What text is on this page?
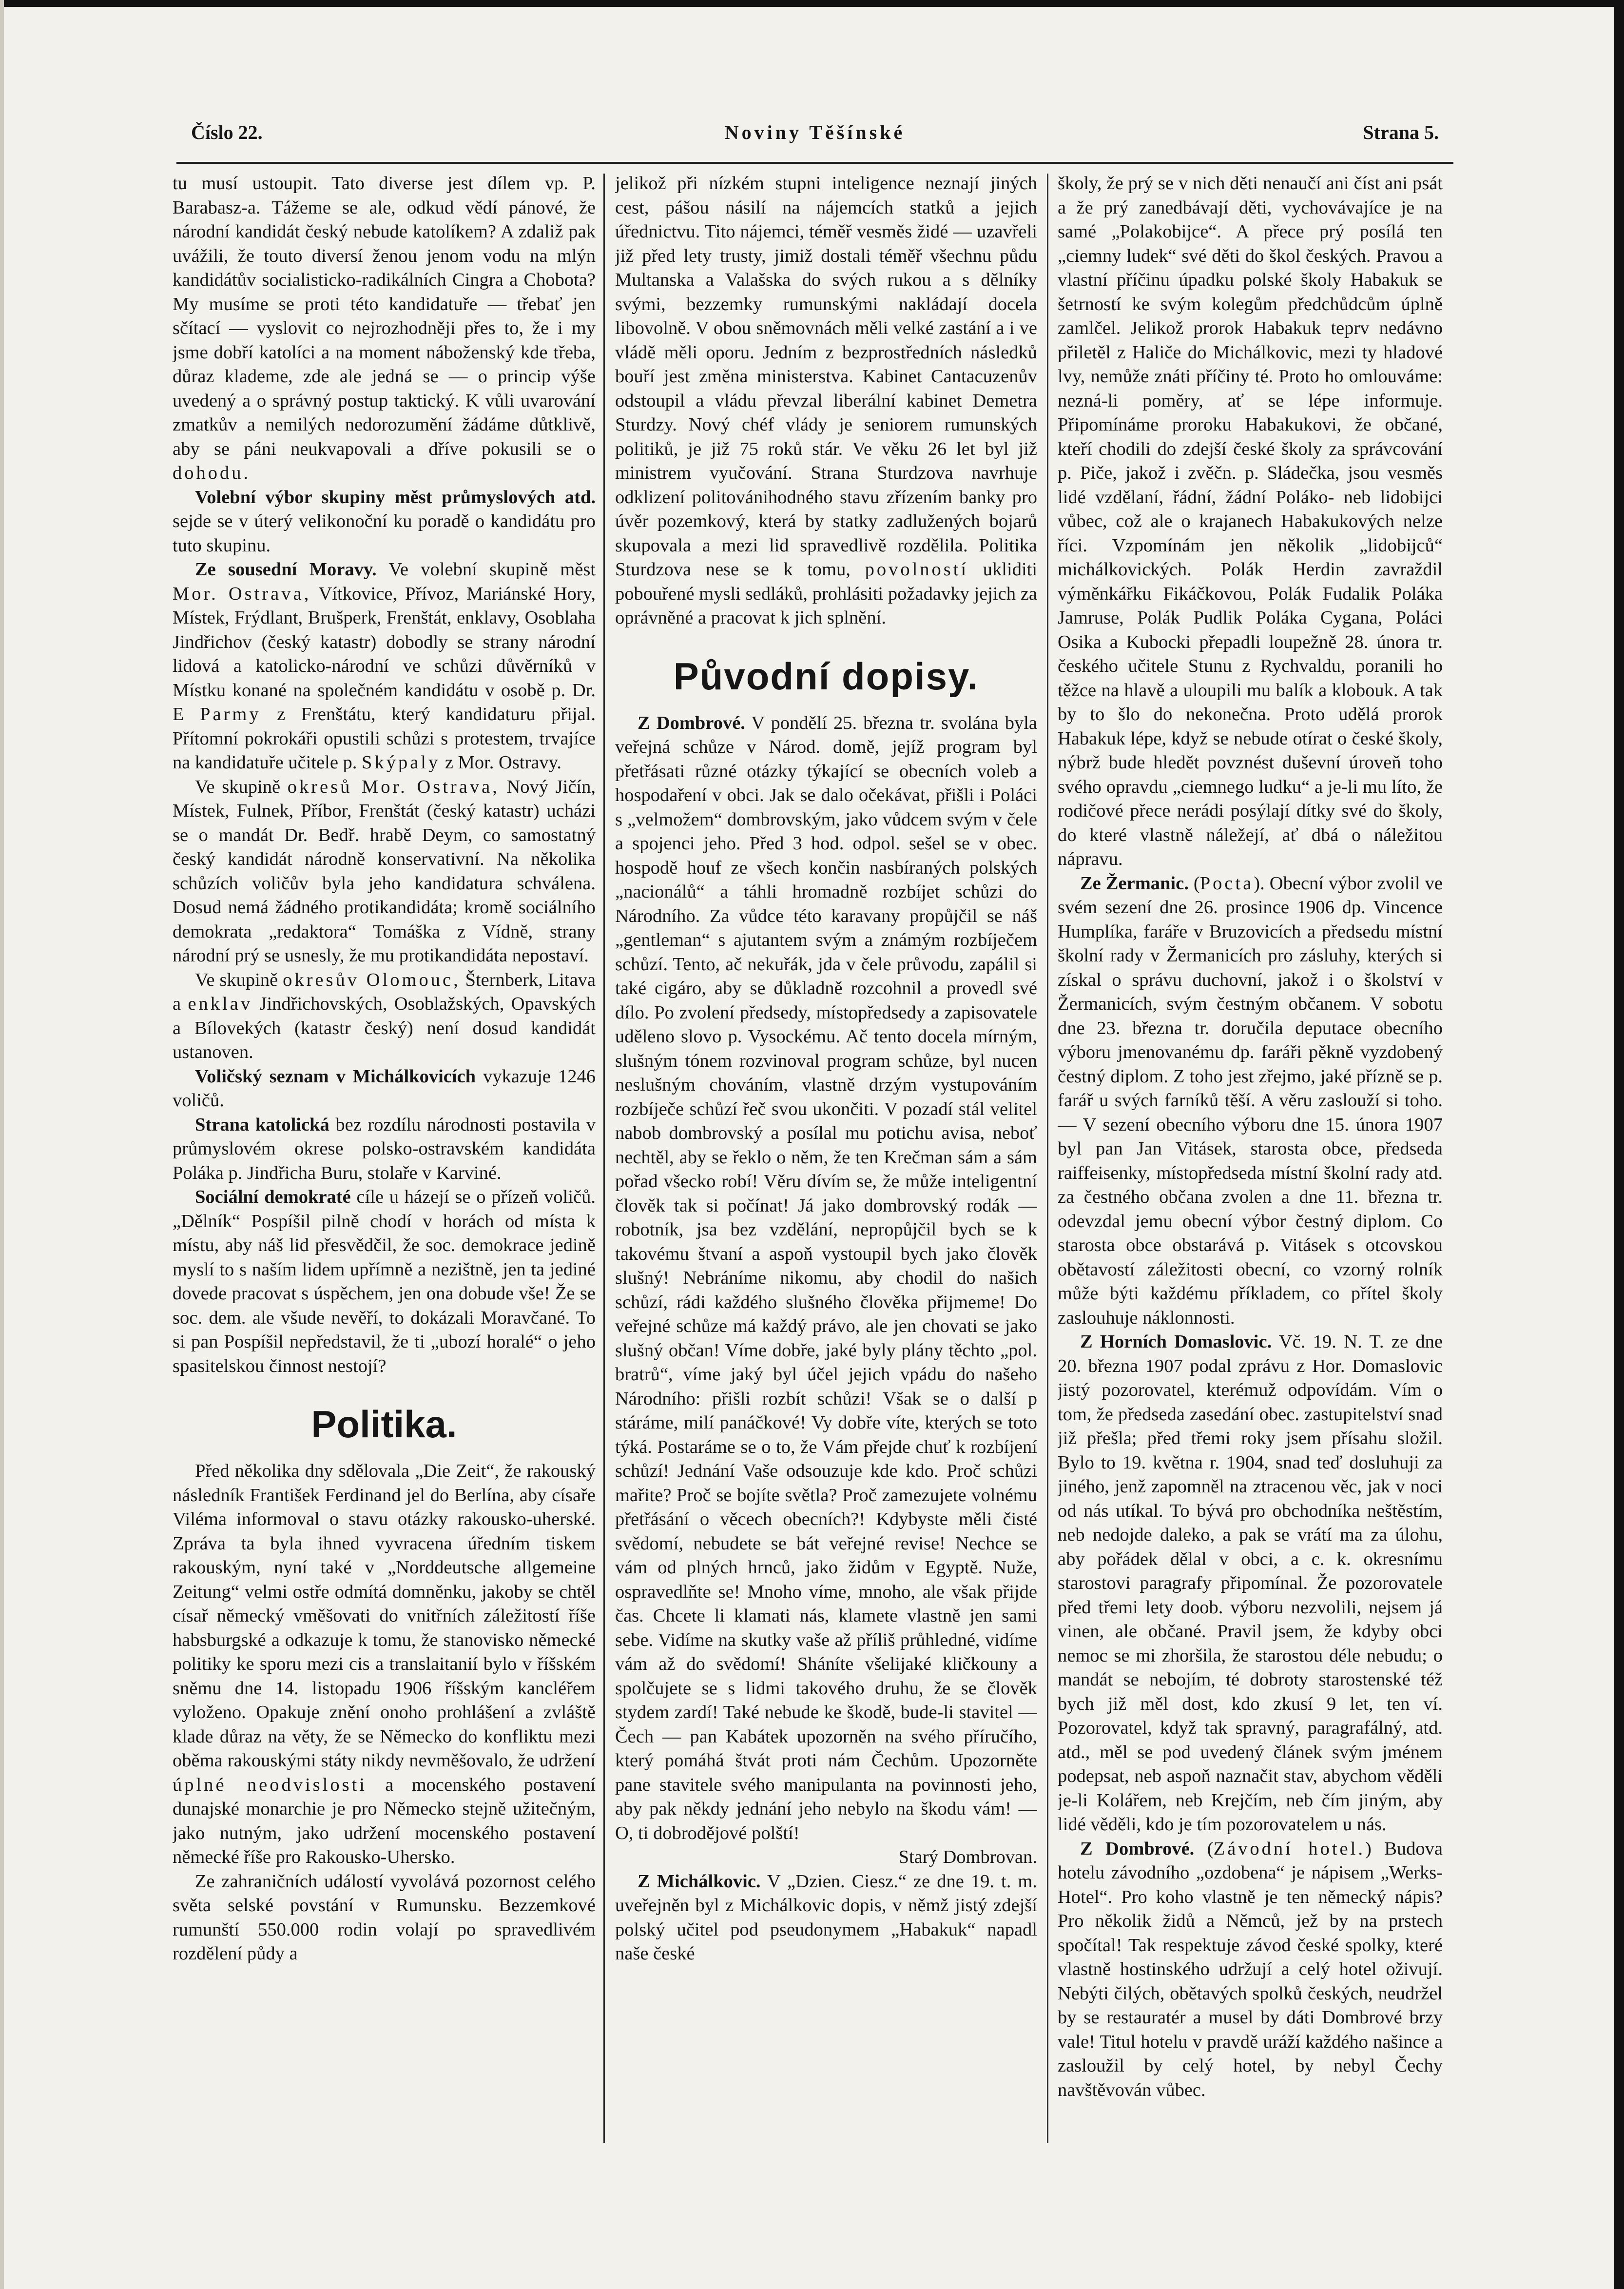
Noviny Těšínské
Číslo 22.	Strana 5.

tu musí ustoupit. Tato diverse jest dílem vp. P. Barabasz-a. Tážeme se ale, odkud vědí pánové, že národní kandidát český nebude katolíkem? A zdaliž pak uvážili, že touto diversí ženou jenom vodu na mlýn kandidátův socialisticko-radikálních Cingra a Chobota? My musíme se proti této kandidatuře — třebať jen sčítací — vyslovit co nejrozhodněji přes to, že i my jsme dobří katolíci a na moment náboženský kde třeba, důraz klademe, zde ale jedná se — o princip výše uvedený a o správný postup taktický. K vůli uvarování zmatkův a nemilých nedorozumění žádáme důtklivě, aby se páni neukvapovali a dříve pokusili se o dohodu.

Volební výbor skupiny měst průmyslových atd. sejde se v úterý velikonoční ku poradě o kandidátu pro tuto skupinu.

Ze sousední Moravy. Ve volební skupině měst Mor. Ostrava, Vítkovice, Přívoz, Mariánské Hory, Místek, Frýdlant, Brušperk, Frenštát, enklavy, Osoblaha Jindřichov (český katastr) dobodly se strany národní lidová a katolicko-národní ve schůzi důvěrníků v Místku konané na společném kandidátu v osobě p. Dr. E Parmy z Frenštátu, který kandidaturu přijal. Přítomní pokrokáři opustili schůzi s protestem, trvajíce na kandidatuře učitele p. Skýpaly z Mor. Ostravy.

Ve skupině okresů Mor. Ostrava, Nový Jičín, Místek, Fulnek, Příbor, Frenštát (český katastr) ucházi se o mandát Dr. Bedř. hrabě Deym, co samostatný český kandidát národně konservativní. Na několika schůzích voličův byla jeho kandidatura schválena. Dosud nemá žádného protikandidáta; kromě sociálního demokrata „redaktora“ Tomáška z Vídně, strany národní prý se usnesly, že mu protikandidáta nepostaví.

Ve skupině okresův Olomouc, Šternberk, Litava a enklav Jindřichovských, Osoblažských, Opavských a Bílovekých (katastr český) není dosud kandidát ustanoven.

Voličský seznam v Michálkovicích vykazuje 1246 voličů.

Strana katolická bez rozdílu národnosti postavila v průmyslovém okrese polsko-ostravském kandidáta Poláka p. Jindřicha Buru, stolaře v Karviné.

Sociální demokraté cíle u házejí se o přízeň voličů. „Dělník“ Pospíšil pilně chodí v horách od místa k místu, aby náš lid přesvědčil, že soc. demokrace jedině myslí to s naším lidem upřímně a nezištně, jen ta jediné dovede pracovat s úspěchem, jen ona dobude vše! Že se soc. dem. ale všude nevěří, to dokázali Moravčané. To si pan Pospíšil nepředstavil, že ti „ubozí horalé“ o jeho spasitelskou činnost nestojí?

Politika.

Před několika dny sdělovala „Die Zeit“, že rakouský následník František Ferdinand jel do Berlína, aby císaře Viléma informoval o stavu otázky rakousko-uherské. Zpráva ta byla ihned vyvracena úředním tiskem rakouským, nyní také v „Norddeutsche allgemeine Zeitung“ velmi ostře odmítá domněnku, jakoby se chtěl císař německý vměšovati do vnitřních záležitostí říše habsburgské a odkazuje k tomu, že stanovisko německé politiky ke sporu mezi cis a translaitanií bylo v říšském sněmu dne 14. listopadu 1906 říšským kancléřem vyloženo. Opakuje znění onoho prohlášení a zvláště klade důraz na věty, že se Německo do konfliktu mezi oběma rakouskými státy nikdy nevměšovalo, že udržení úplné neodvislosti a mocenského postavení dunajské monarchie je pro Německo stejně užitečným, jako nutným, jako udržení mocenského postavení německé říše pro Rakousko-Uhersko.

Ze zahraničních událostí vyvolává pozornost celého světa selské povstání v Rumunsku. Bezzemkové rumunští 550.000 rodin volají po spravedlivém rozdělení půdy a

jelikož při nízkém stupni inteligence neznají jiných cest, pášou násilí na nájemcích statků a jejich úřednictvu. Tito nájemci, téměř vesměs židé — uzavřeli již před lety trusty, jimiž dostali téměř všechnu půdu Multanska a Valašska do svých rukou a s dělníky svými, bezzemky rumunskými nakládají docela libovolně. V obou sněmovnách měli velké zastání a i ve vládě měli oporu. Jedním z bezprostředních následků bouří jest změna ministerstva. Kabinet Cantacuzenův odstoupil a vládu převzal liberální kabinet Demetra Sturdzy. Nový chéf vlády je seniorem rumunských politiků, je již 75 roků stár. Ve věku 26 let byl již ministrem vyučování. Strana Sturdzova navrhuje odklizení politovánihodného stavu zřízením banky pro úvěr pozemkový, která by statky zadlužených bojarů skupovala a mezi lid spravedlivě rozdělila. Politika Sturdzova nese se k tomu, povolností ukliditi pobouřené mysli sedláků, prohlásiti požadavky jejich za oprávněné a pracovat k jich splnění.

Původní dopisy.

Z Dombrové. V pondělí 25. března tr. svolána byla veřejná schůze v Národ. domě, jejíž program byl přetřásati různé otázky týkající se obecních voleb a hospodaření v obci. Jak se dalo očekávat, přišli i Poláci s „velmožem“ dombrovským, jako vůdcem svým v čele a spojenci jeho. Před 3 hod. odpol. sešel se v obec. hospodě houf ze všech končin nasbíraných polských „nacionálů“ a táhli hromadně rozbíjet schůzi do Národního. Za vůdce této karavany propůjčil se náš „gentleman“ s ajutantem svým a známým rozbíječem schůzí. Tento, ač nekuřák, jda v čele průvodu, zapálil si také cigáro, aby se důkladně rozcohnil a provedl své dílo. Po zvolení předsedy, místopředsedy a zapisovatele uděleno slovo p. Vysockému. Ač tento docela mírným, slušným tónem rozvinoval program schůze, byl nucen neslušným chováním, vlastně drzým vystupováním rozbíječe schůzí řeč svou ukončiti. V pozadí stál velitel nabob dombrovský a posílal mu potichu avisa, neboť nechtěl, aby se řeklo o něm, že ten Krečman sám a sám pořad všecko robí! Věru dívím se, že může inteligentní člověk tak si počínat! Já jako dombrovský rodák — robotník, jsa bez vzdělání, nepropůjčil bych se k takovému štvaní a aspoň vystoupil bych jako člověk slušný! Nebráníme nikomu, aby chodil do našich schůzí, rádi každého slušného člověka přijmeme! Do veřejné schůze má každý právo, ale jen chovati se jako slušný občan! Víme dobře, jaké byly plány těchto „pol. bratrů“, víme jaký byl účel jejich vpádu do našeho Národního: přišli rozbít schůzi! Však se o další p stáráme, milí panáčkové! Vy dobře víte, kterých se toto týká. Postaráme se o to, že Vám přejde chuť k rozbíjení schůzí! Jednání Vaše odsouzuje kde kdo. Proč schůzi mařite? Proč se bojíte světla? Proč zamezujete volnému přetřásání o věcech obecních?! Kdybyste měli čisté svědomí, nebudete se bát veřejné revise! Nechce se vám od plných hrnců, jako židům v Egyptě. Nuže, ospravedlňte se! Mnoho víme, mnoho, ale však přijde čas. Chcete li klamati nás, klamete vlastně jen sami sebe. Vidíme na skutky vaše až příliš průhledné, vidíme vám až do svědomí! Sháníte všelijaké kličkouny a spolčujete se s lidmi takového druhu, že se člověk stydem zardí! Také nebude ke škodě, bude-li stavitel — Čech — pan Kabátek upozorněn na svého příručího, který pomáhá štvát proti nám Čechům. Upozorněte pane stavitele svého manipulanta na povinnosti jeho, aby pak někdy jednání jeho nebylo na škodu vám! — O, ti dobrodějové polští!

Starý Dombrovan.

Z Michálkovic. V „Dzien. Ciesz.“ ze dne 19. t. m. uveřejněn byl z Michálkovic dopis, v němž jistý zdejší polský učitel pod pseudonymem „Habakuk“ napadl naše české

školy, že prý se v nich děti nenaučí ani číst ani psát a že prý zanedbávají děti, vychovávajíce je na samé „Polakobijce“. A přece prý posílá ten „ciemny ludek“ své děti do škol českých. Pravou a vlastní příčinu úpadku polské školy Habakuk se šetrností ke svým kolegům předchůdcům úplně zamlčel. Jelikož prorok Habakuk teprv nedávno přiletěl z Haliče do Michálkovic, mezi ty hladové lvy, nemůže znáti příčiny té. Proto ho omlouváme: nezná-li poměry, ať se lépe informuje. Připomínáme proroku Habakukovi, že občané, kteří chodili do zdejší české školy za správcování p. Piče, jakož i zvěčn. p. Sládečka, jsou vesměs lidé vzdělaní, řádní, žádní Poláko- neb lidobijci vůbec, což ale o krajanech Habakukových nelze říci. Vzpomínám jen několik „lidobijců“ michálkovických. Polák Herdin zavraždil výměnkářku Fikáčkovou, Polák Fudalik Poláka Jamruse, Polák Pudlik Poláka Cygana, Poláci Osika a Kubocki přepadli loupežně 28. února tr. českého učitele Stunu z Rychvaldu, poranili ho těžce na hlavě a uloupili mu balík a klobouk. A tak by to šlo do nekonečna. Proto udělá prorok Habakuk lépe, když se nebude otírat o české školy, nýbrž bude hledět povznést duševní úroveň toho svého opravdu „ciemnego ludku“ a je-li mu líto, že rodičové přece nerádi posýlají dítky své do školy, do které vlastně náležejí, ať dbá o náležitou nápravu.

Ze Žermanic. (Pocta). Obecní výbor zvolil ve svém sezení dne 26. prosince 1906 dp. Vincence Humplíka, faráře v Bruzovicích a předsedu místní školní rady v Žermanicích pro zásluhy, kterých si získal o správu duchovní, jakož i o školství v Žermanicích, svým čestným občanem. V sobotu dne 23. března tr. doručila deputace obecního výboru jmenovanému dp. faráři pěkně vyzdobený čestný diplom. Z toho jest zřejmo, jaké přízně se p. farář u svých farníků těší. A věru zaslouží si toho. — V sezení obecního výboru dne 15. února 1907 byl pan Jan Vitásek, starosta obce, předseda raiffeisenky, místopředseda místní školní rady atd. za čestného občana zvolen a dne 11. března tr. odevzdal jemu obecní výbor čestný diplom. Co starosta obce obstarává p. Vitásek s otcovskou obětavostí záležitosti obecní, co vzorný rolník může býti každému příkladem, co přítel školy zaslouhuje náklonnosti.

Z Horních Domaslovic. Vč. 19. N. T. ze dne 20. března 1907 podal zprávu z Hor. Domaslovic jistý pozorovatel, kterémuž odpovídám. Vím o tom, že předseda zasedání obec. zastupitelství snad již přešla; před třemi roky jsem přísahu složil. Bylo to 19. května r. 1904, snad teď dosluhuji za jiného, jenž zapomněl na ztracenou věc, jak v noci od nás utíkal. To bývá pro obchodníka neštěstím, neb nedojde daleko, a pak se vrátí ma za úlohu, aby pořádek dělal v obci, a c. k. okresnímu starostovi paragrafy připomínal. Že pozorovatele před třemi lety doob. výboru nezvolili, nejsem já vinen, ale občané. Pravil jsem, že kdyby obci nemoc se mi zhoršila, že starostou déle nebudu; o mandát se nebojím, té dobroty starostenské též bych již měl dost, kdo zkusí 9 let, ten ví. Pozorovatel, když tak spravný, paragrafálný, atd. atd., měl se pod uvedený článek svým jménem podepsat, neb aspoň naznačit stav, abychom věděli je-li Kolářem, neb Krejčím, neb čím jiným, aby lidé věděli, kdo je tím pozorovatelem u nás.

Z Dombrové. (Závodní hotel.) Budova hotelu závodního „ozdobena“ je nápisem „Werks-Hotel“. Pro koho vlastně je ten německý nápis? Pro několik židů a Němců, jež by na prstech spočítal! Tak respektuje závod české spolky, které vlastně hostinského udržují a celý hotel oživují. Nebýti čilých, obětavých spolků českých, neudržel by se restauratér a musel by dáti Dombrové brzy vale! Titul hotelu v pravdě uráží každého našince a zasloužil by celý hotel, by nebyl Čechy navštěvován vůbec.
